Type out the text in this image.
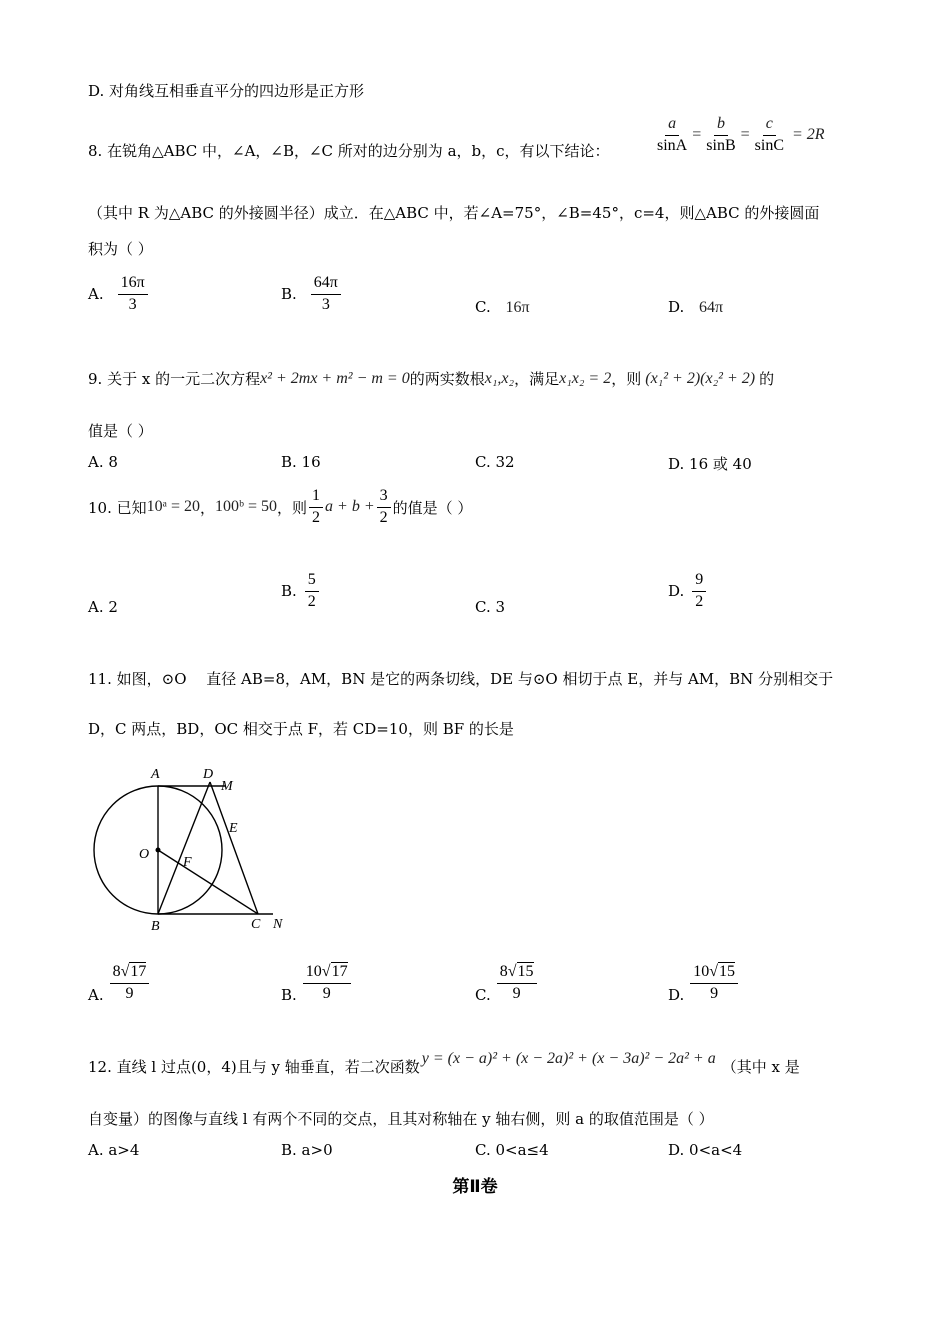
D. 对角线互相垂直平分的四边形是正方形
8. 在锐角△ABC 中，∠A，∠B，∠C 所对的边分别为 a，b，c，有以下结论：	$\frac{a}{\sin A} = \frac{b}{\sin B} = \frac{c}{\sin C} = 2R$
（其中 R 为△ABC 的外接圆半径）成立．在△ABC 中，若∠A=75°，∠B=45°，c=4，则△ABC 的外接圆面
积为（ ）
A. $\frac{16\pi}{3}$	B. $\frac{64\pi}{3}$	C. 16π	D. 64π
9. 关于 x 的一元二次方程 x² + 2mx + m² − m = 0 的两实数根 x₁,x₂ ，满足 x₁x₂ = 2 ，则 (x₁² + 2)(x₂² + 2) 的
值是（ ）
A. 8	B. 16	C. 32	D. 16 或 40
10. 已知 10ᵃ = 20 ， 100ᵇ = 50 ，则 $\frac{1}{2}$ $a + b + \frac{3}{2}$ 的值是（ ）
A. 2
B. $\frac{5}{2}$	C. 3
D. $\frac{9}{2}$
11. 如图，⊙O 　直径 AB=8，AM，BN 是它的两条切线，DE 与⊙O 相切于点 E，并与 AM，BN 分别相交于
D，C 两点，BD，OC 相交于点 F，若 CD=10，则 BF 的长是
A	D
M
E
O
F
B	C N
A. $\frac{8√17}{9}$	B. $\frac{10√17}{9}$	C. $\frac{8√15}{9}$	D. $\frac{10√15}{9}$
12. 直线 l 过点(0，4)且与 y 轴垂直，若二次函数 y = (x − a)² + (x − 2a)² + (x − 3a)² − 2a² + a （其中 x 是
自变量）的图像与直线 l 有两个不同的交点，且其对称轴在 y 轴右侧，则 a 的取值范围是（ ）
A. a>4	B. a>0	C. 0<a≤4	D. 0<a<4
第Ⅱ卷
